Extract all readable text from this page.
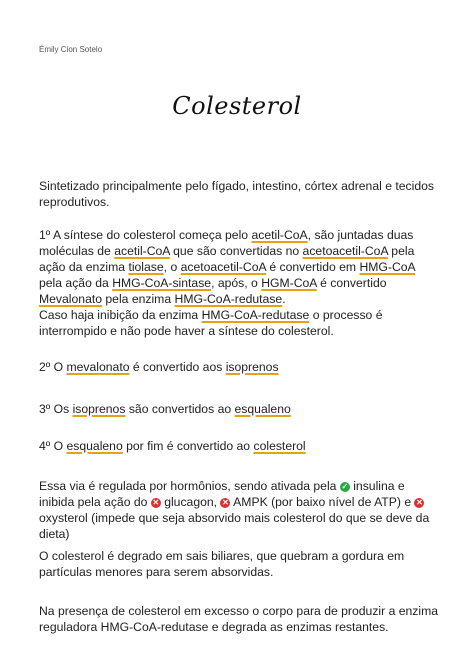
Émily Cion Sotelo
Colesterol

Sintetizado principalmente pelo fígado, intestino, córtex adrenal e tecidos reprodutivos.

1º A síntese do colesterol começa pelo acetil-CoA, são juntadas duas moléculas de acetil-CoA que são convertidas no acetoacetil-CoA pela ação da enzima tiolase, o acetoacetil-CoA é convertido em HMG-CoA pela ação da HMG-CoA-sintase, após, o HGM-CoA é convertido Mevalonato pela enzima HMG-CoA-redutase.

Caso haja inibição da enzima HMG-CoA-redutase o processo é interrompido e não pode haver a síntese do colesterol.

2º O mevalonato é convertido aos isoprenos

3º Os isoprenos são convertidos ao esqualeno

4º O esqualeno por fim é convertido ao colesterol

Essa via é regulada por hormônios, sendo ativada pela ✓ insulina e inibida pela ação do ✕ glucagon, ✕ AMPK (por baixo nível de ATP) e ✕ oxysterol (impede que seja absorvido mais colesterol do que se deve da dieta)

O colesterol é degrado em sais biliares, que quebram a gordura em partículas menores para serem absorvidas.

Na presença de colesterol em excesso o corpo para de produzir a enzima reguladora HMG-CoA-redutase e degrada as enzimas restantes.
